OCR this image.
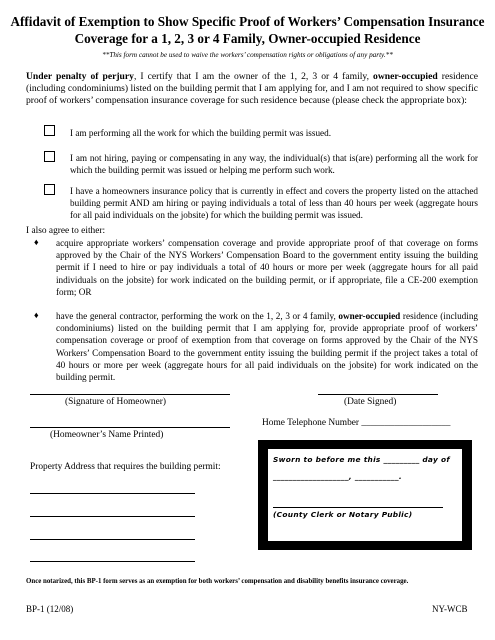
Affidavit of Exemption to Show Specific Proof of Workers’ Compensation Insurance
Coverage for a 1, 2, 3 or 4 Family, Owner-occupied Residence
**This form cannot be used to waive the workers’ compensation rights or obligations of any party.**
Under penalty of perjury, I certify that I am the owner of the 1, 2, 3 or 4 family, owner-occupied residence (including condominiums) listed on the building permit that I am applying for, and I am not required to show specific proof of workers’ compensation insurance coverage for such residence because (please check the appropriate box):
I am performing all the work for which the building permit was issued.
I am not hiring, paying or compensating in any way, the individual(s) that is(are) performing all the work for which the building permit was issued or helping me perform such work.
I have a homeowners insurance policy that is currently in effect and covers the property listed on the attached building permit AND am hiring or paying individuals a total of less than 40 hours per week (aggregate hours for all paid individuals on the jobsite) for which the building permit was issued.
I also agree to either:
♦ acquire appropriate workers’ compensation coverage and provide appropriate proof of that coverage on forms approved by the Chair of the NYS Workers’ Compensation Board to the government entity issuing the building permit if I need to hire or pay individuals a total of 40 hours or more per week (aggregate hours for all paid individuals on the jobsite) for work indicated on the building permit, or if appropriate, file a CE-200 exemption form; OR
♦ have the general contractor, performing the work on the 1, 2, 3 or 4 family, owner-occupied residence (including condominiums) listed on the building permit that I am applying for, provide appropriate proof of workers’ compensation coverage or proof of exemption from that coverage on forms approved by the Chair of the NYS Workers’ Compensation Board to the government entity issuing the building permit if the project takes a total of 40 hours or more per week (aggregate hours for all paid individuals on the jobsite) for work indicated on the building permit.
(Signature of Homeowner)	(Date Signed)
(Homeowner’s Name Printed)
Home Telephone Number ___________________
Property Address that requires the building permit:
Sworn to before me this _________ day of
___________________, ___________.
(County Clerk or Notary Public)
Once notarized, this BP-1 form serves as an exemption for both workers’ compensation and disability benefits insurance coverage.
BP-1 (12/08)	NY-WCB
